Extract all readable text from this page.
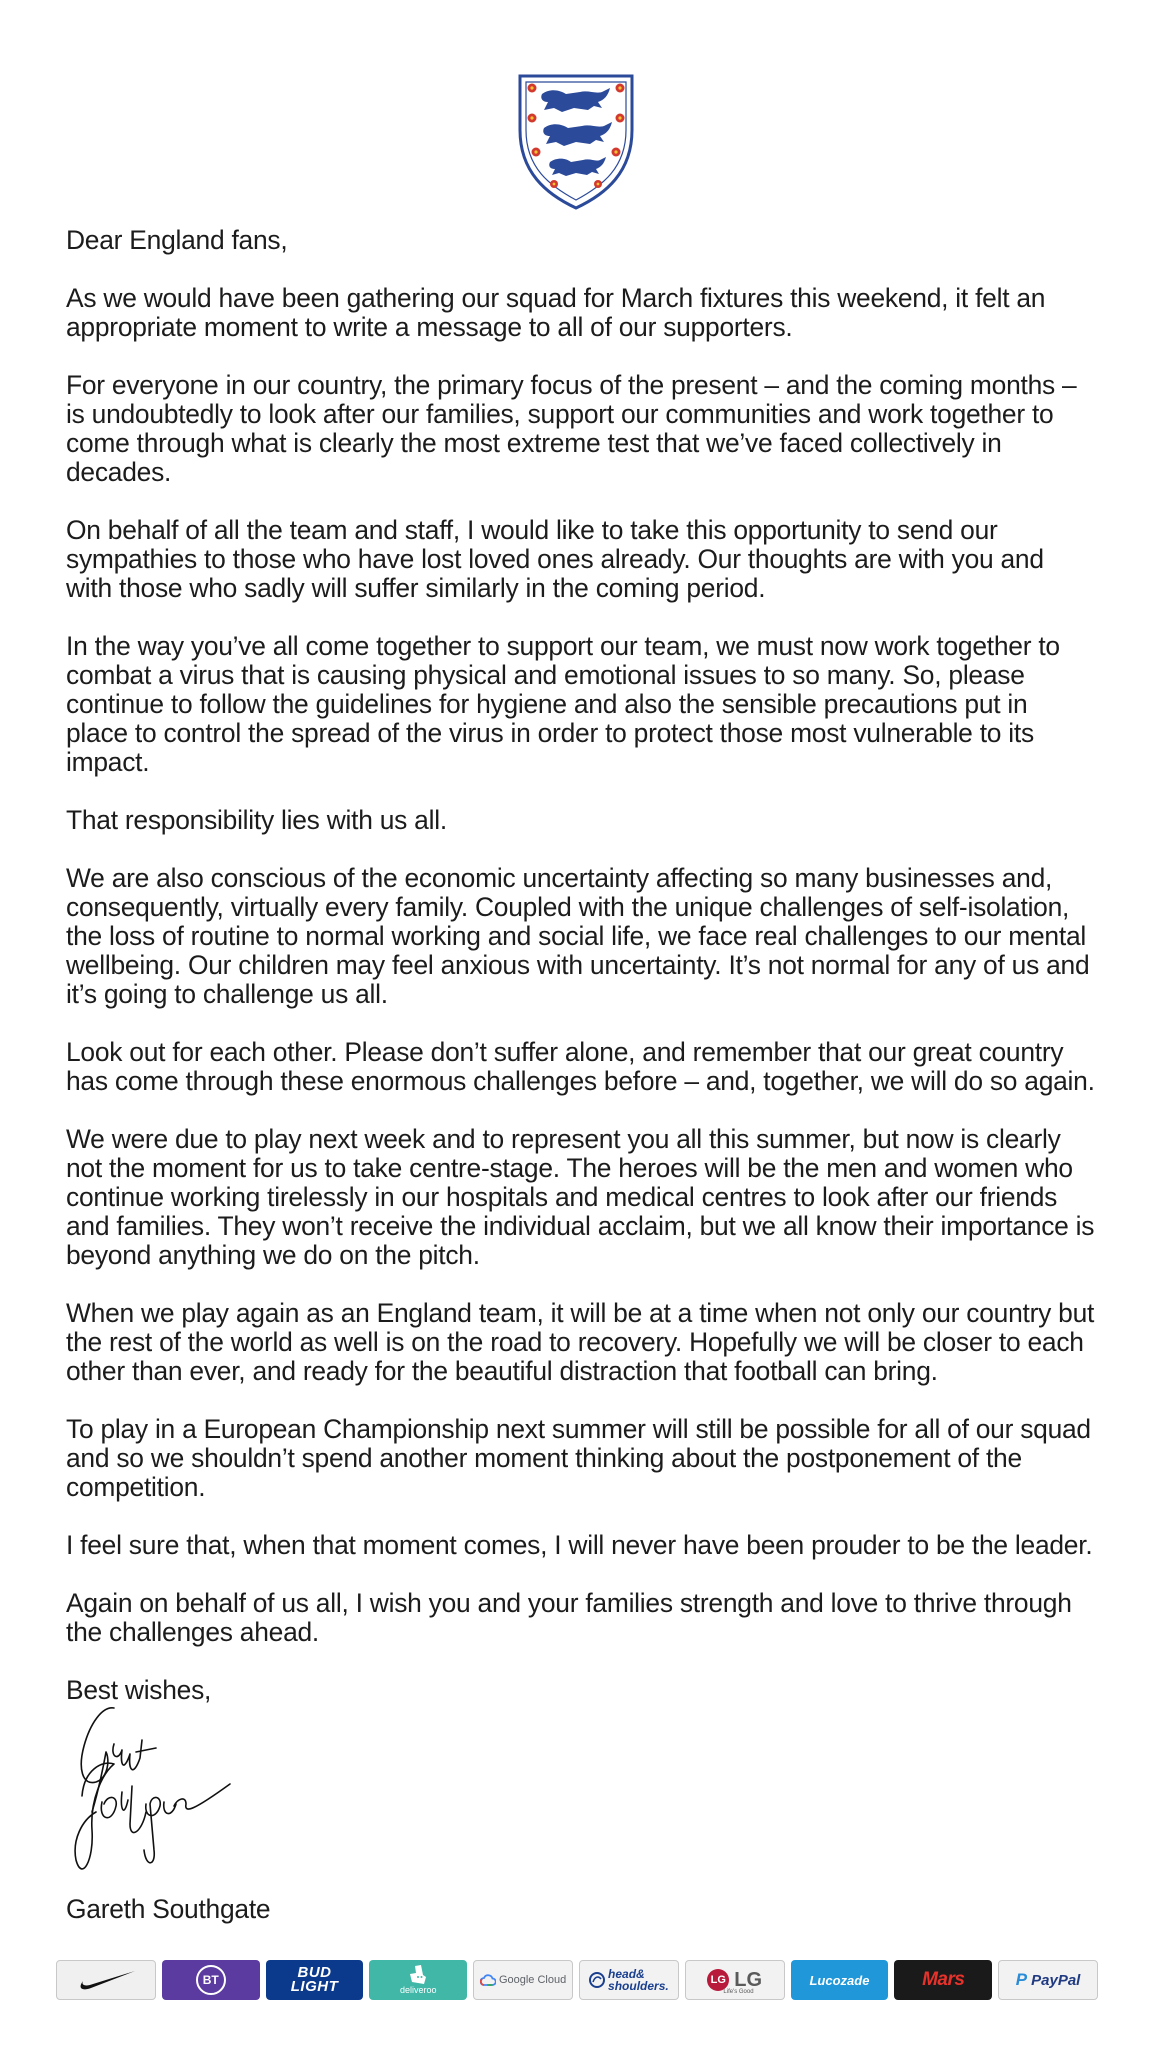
Dear England fans,

As we would have been gathering our squad for March fixtures this weekend, it felt an appropriate moment to write a message to all of our supporters.

For everyone in our country, the primary focus of the present – and the coming months – is undoubtedly to look after our families, support our communities and work together to come through what is clearly the most extreme test that we’ve faced collectively in decades.

On behalf of all the team and staff, I would like to take this opportunity to send our sympathies to those who have lost loved ones already. Our thoughts are with you and with those who sadly will suffer similarly in the coming period.

In the way you’ve all come together to support our team, we must now work together to combat a virus that is causing physical and emotional issues to so many. So, please continue to follow the guidelines for hygiene and also the sensible precautions put in place to control the spread of the virus in order to protect those most vulnerable to its impact.

That responsibility lies with us all.

We are also conscious of the economic uncertainty affecting so many businesses and, consequently, virtually every family. Coupled with the unique challenges of self-isolation, the loss of routine to normal working and social life, we face real challenges to our mental wellbeing. Our children may feel anxious with uncertainty. It’s not normal for any of us and it’s going to challenge us all.

Look out for each other. Please don’t suffer alone, and remember that our great country has come through these enormous challenges before – and, together, we will do so again.

We were due to play next week and to represent you all this summer, but now is clearly not the moment for us to take centre-stage. The heroes will be the men and women who continue working tirelessly in our hospitals and medical centres to look after our friends and families. They won’t receive the individual acclaim, but we all know their importance is beyond anything we do on the pitch.

When we play again as an England team, it will be at a time when not only our country but the rest of the world as well is on the road to recovery. Hopefully we will be closer to each other than ever, and ready for the beautiful distraction that football can bring.

To play in a European Championship next summer will still be possible for all of our squad and so we shouldn’t spend another moment thinking about the postponement of the competition.

I feel sure that, when that moment comes, I will never have been prouder to be the leader.

Again on behalf of us all, I wish you and your families strength and love to thrive through the challenges ahead.

Best wishes,

Gareth Southgate
BT	BUD
LIGHT	deliveroo
Google Cloud	head&
shoulders.	LG LG
Life's Good
Lucozade	Mars	P PayPal
